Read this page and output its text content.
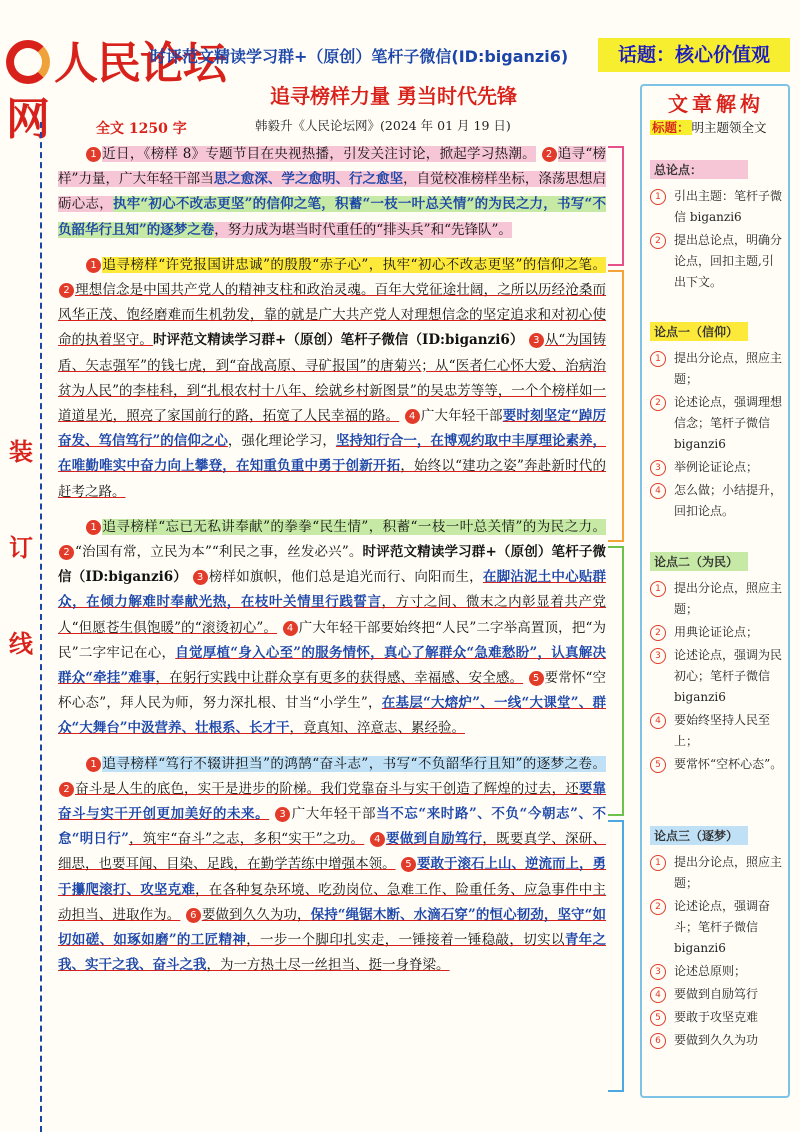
人民论坛网
时评范文精读学习群+（原创）笔杆子微信(ID:biganzi6)	话题：核心价值观
追寻榜样力量 勇当时代先锋
韩毅升《人民论坛网》(2024 年 01 月 19 日)
全文 1250 字
装
订
线

1 近日，《榜样 8》专题节目在央视热播，引发关注讨论，掀起学习热潮。 2 追寻“榜样”力量，广大年轻干部当思之愈深、学之愈明、行之愈坚，自觉校准榜样坐标，涤荡思想启砺心志，执牢“初心不改志更坚”的信仰之笔，积蓄“一枝一叶总关情”的为民之力，书写“不负韶华行且知”的逐梦之卷，努力成为堪当时代重任的“排头兵”和“先锋队”。

1 追寻榜样“许党报国讲忠诚”的殷殷“赤子心”，执牢“初心不改志更坚”的信仰之笔。 2 理想信念是中国共产党人的精神支柱和政治灵魂。百年大党征途壮阔，之所以历经沧桑而风华正茂、饱经磨难而生机勃发，靠的就是广大共产党人对理想信念的坚定追求和对初心使命的执着坚守。时评范文精读学习群+（原创）笔杆子微信（ID:biganzi6） 3 从“为国铸盾、矢志强军”的钱七虎，到“奋战高原、寻矿报国”的唐菊兴；从“医者仁心怀大爱、治病治贫为人民”的李桂科，到“扎根农村十八年、绘就乡村新图景”的吴忠芳等等，一个个榜样如一道道星光，照亮了家国前行的路，拓宽了人民幸福的路。 4 广大年轻干部要时刻坚定“踔厉奋发、笃信笃行”的信仰之心，强化理论学习，坚持知行合一，在博观约取中丰厚理论素养，在唯勤唯实中奋力向上攀登，在知重负重中勇于创新开拓，始终以“建功之姿”奔赴新时代的赶考之路。

1 追寻榜样“忘已无私讲奉献”的拳拳“民生情”，积蓄“一枝一叶总关情”的为民之力。 2 “治国有常，立民为本”“利民之事，丝发必兴”。时评范文精读学习群+（原创）笔杆子微信（ID:biganzi6） 3 榜样如旗帜，他们总是追光而行、向阳而生，在脚沾泥土中心贴群众，在倾力解难时奉献光热，在枝叶关情里行践誓言，方寸之间、微末之内彰显着共产党人“但愿苍生俱饱暖”的“滚烫初心”。 4 广大年轻干部要始终把“人民”二字举高置顶，把“为民”二字牢记在心，自觉厚植“身入心至”的服务情怀，真心了解群众“急难愁盼”，认真解决群众“牵挂”难事，在躬行实践中让群众享有更多的获得感、幸福感、安全感。 5 要常怀“空杯心态”，拜人民为师，努力深扎根、甘当“小学生”，在基层“大熔炉”、一线“大课堂”、群众“大舞台”中汲营养、壮根系、长才干，竟真知、淬意志、累经验。

1 追寻榜样“笃行不辍讲担当”的鸿鹄“奋斗志”，书写“不负韶华行且知”的逐梦之卷。 2 奋斗是人生的底色，实干是进步的阶梯。我们党靠奋斗与实干创造了辉煌的过去，还要靠奋斗与实干开创更加美好的未来。 3 广大年轻干部当不忘“来时路”、不负“今朝志”、不怠“明日行”，筑牢“奋斗”之志，多积“实干”之功。 4 要做到自励笃行，既要真学、深研、细思，也要耳闻、目染、足践，在勤学苦练中增强本领。 5 要敢于滚石上山、逆流而上，勇于攥爬滚打、攻坚克难，在各种复杂环境、吃劲岗位、急难工作、险重任务、应急事件中主动担当、进取作为。 6 要做到久久为功，保持“绳锯木断、水滴石穿”的恒心韧劲，坚守“如切如磋、如琢如磨”的工匠精神，一步一个脚印扎实走，一锤接着一锤稳敲，切实以青年之我、实干之我、奋斗之我，为一方热土尽一丝担当、挺一身脊梁。

文章解构
标题： 明主题领全文
总论点：
1	引出主题：笔杆子微信 biganzi6
2	提出总论点，明确分论点，回扣主题,引出下文。
论点一（信仰）
1	提出分论点，照应主题；
2	论述论点，强调理想信念；笔杆子微信 biganzi6
3	举例论证论点；
4	怎么做；小结提升，回扣论点。
论点二（为民）
1	提出分论点，照应主题；
2	用典论证论点；
3	论述论点，强调为民初心；笔杆子微信 biganzi6
4	要始终坚持人民至上；
5	要常怀“空杯心态”。
论点三（逐梦）
1	提出分论点，照应主题；
2	论述论点，强调奋斗；笔杆子微信 biganzi6
3	论述总原则；
4	要做到自励笃行
5	要敢于攻坚克难
6	要做到久久为功
